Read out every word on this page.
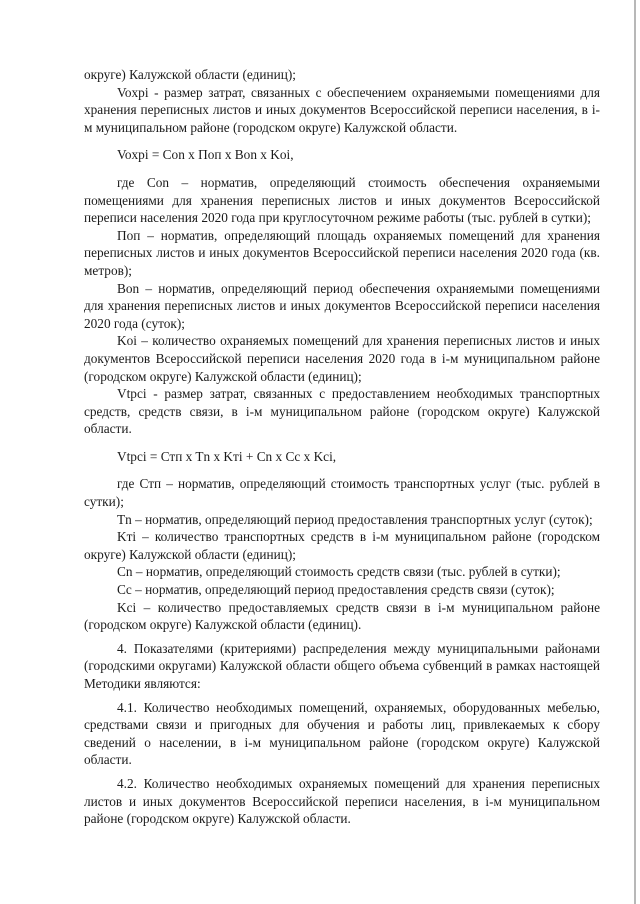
округе) Калужской области (единиц);

Voxpi - размер затрат, связанных с обеспечением охраняемыми помещениями для хранения переписных листов и иных документов Всероссийской переписи населения, в i-м муниципальном районе (городском округе) Калужской области.

Voxpi = Con x Поп x Bon x Koi,

где Con – норматив, определяющий стоимость обеспечения охраняемыми помещениями для хранения переписных листов и иных документов Всероссийской переписи населения 2020 года при круглосуточном режиме работы (тыс. рублей в сутки);

Поп – норматив, определяющий площадь охраняемых помещений для хранения переписных листов и иных документов Всероссийской переписи населения 2020 года (кв. метров);

Bon – норматив, определяющий период обеспечения охраняемыми помещениями для хранения переписных листов и иных документов Всероссийской переписи населения 2020 года (суток);

Koi – количество охраняемых помещений для хранения переписных листов и иных документов Всероссийской переписи населения 2020 года в i-м муниципальном районе (городском округе) Калужской области (единиц);

Vtpci - размер затрат, связанных с предоставлением необходимых транспортных средств, средств связи, в i-м муниципальном районе (городском округе) Калужской области.

Vtpci = Стп x Tn x Kтi + Cn x Cc x Kci,

где Стп – норматив, определяющий стоимость транспортных услуг (тыс. рублей в сутки);

Tn – норматив, определяющий период предоставления транспортных услуг (суток);

Kтi – количество транспортных средств в i-м муниципальном районе (городском округе) Калужской области (единиц);

Cn – норматив, определяющий стоимость средств связи (тыс. рублей в сутки);

Cc – норматив, определяющий период предоставления средств связи (суток);

Kci – количество предоставляемых средств связи в i-м муниципальном районе (городском округе) Калужской области (единиц).

4. Показателями (критериями) распределения между муниципальными районами (городскими округами) Калужской области общего объема субвенций в рамках настоящей Методики являются:

4.1. Количество необходимых помещений, охраняемых, оборудованных мебелью, средствами связи и пригодных для обучения и работы лиц, привлекаемых к сбору сведений о населении, в i-м муниципальном районе (городском округе) Калужской области.

4.2. Количество необходимых охраняемых помещений для хранения переписных листов и иных документов Всероссийской переписи населения, в i-м муниципальном районе (городском округе) Калужской области.
